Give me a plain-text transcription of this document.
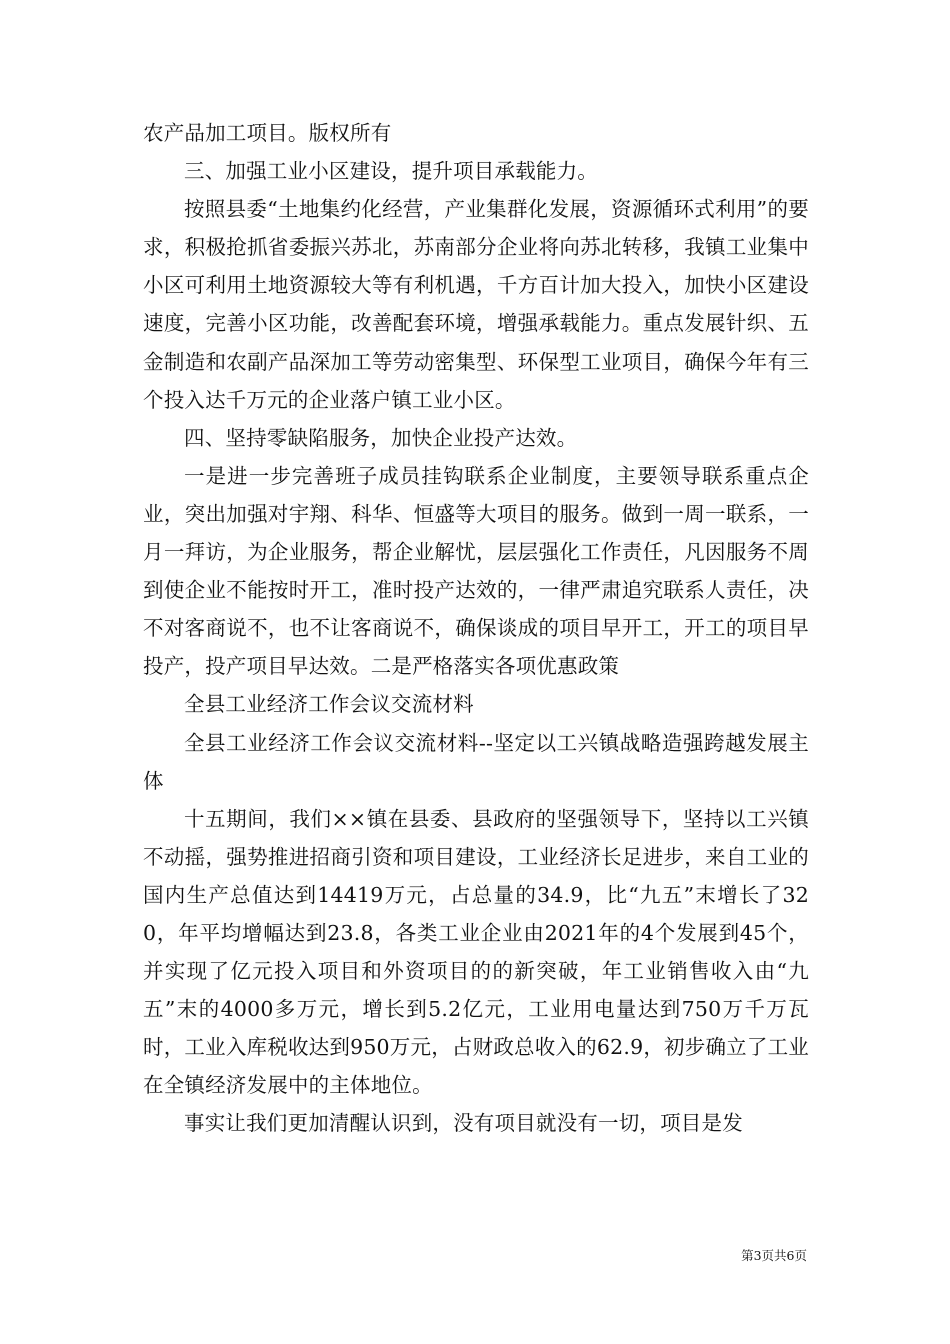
农产品加工项目。版权所有

三、加强工业小区建设，提升项目承载能力。

按照县委“土地集约化经营，产业集群化发展，资源循环式利用”的要求，积极抢抓省委振兴苏北，苏南部分企业将向苏北转移，我镇工业集中小区可利用土地资源较大等有利机遇，千方百计加大投入，加快小区建设速度，完善小区功能，改善配套环境，增强承载能力。重点发展针织、五金制造和农副产品深加工等劳动密集型、环保型工业项目，确保今年有三个投入达千万元的企业落户镇工业小区。

四、坚持零缺陷服务，加快企业投产达效。

一是进一步完善班子成员挂钩联系企业制度，主要领导联系重点企业，突出加强对宇翔、科华、恒盛等大项目的服务。做到一周一联系，一月一拜访，为企业服务，帮企业解忧，层层强化工作责任，凡因服务不周到使企业不能按时开工，准时投产达效的，一律严肃追究联系人责任，决不对客商说不，也不让客商说不，确保谈成的项目早开工，开工的项目早投产，投产项目早达效。二是严格落实各项优惠政策

全县工业经济工作会议交流材料

全县工业经济工作会议交流材料--坚定以工兴镇战略造强跨越发展主体

十五期间，我们××镇在县委、县政府的坚强领导下，坚持以工兴镇不动摇，强势推进招商引资和项目建设，工业经济长足进步，来自工业的国内生产总值达到14419万元，占总量的34.9，比“九五”末增长了320，年平均增幅达到23.8，各类工业企业由2021年的4个发展到45个，并实现了亿元投入项目和外资项目的的新突破，年工业销售收入由“九五”末的4000多万元，增长到5.2亿元，工业用电量达到750万千万瓦时，工业入库税收达到950万元，占财政总收入的62.9，初步确立了工业在全镇经济发展中的主体地位。

事实让我们更加清醒认识到，没有项目就没有一切，项目是发

第3页共6页
